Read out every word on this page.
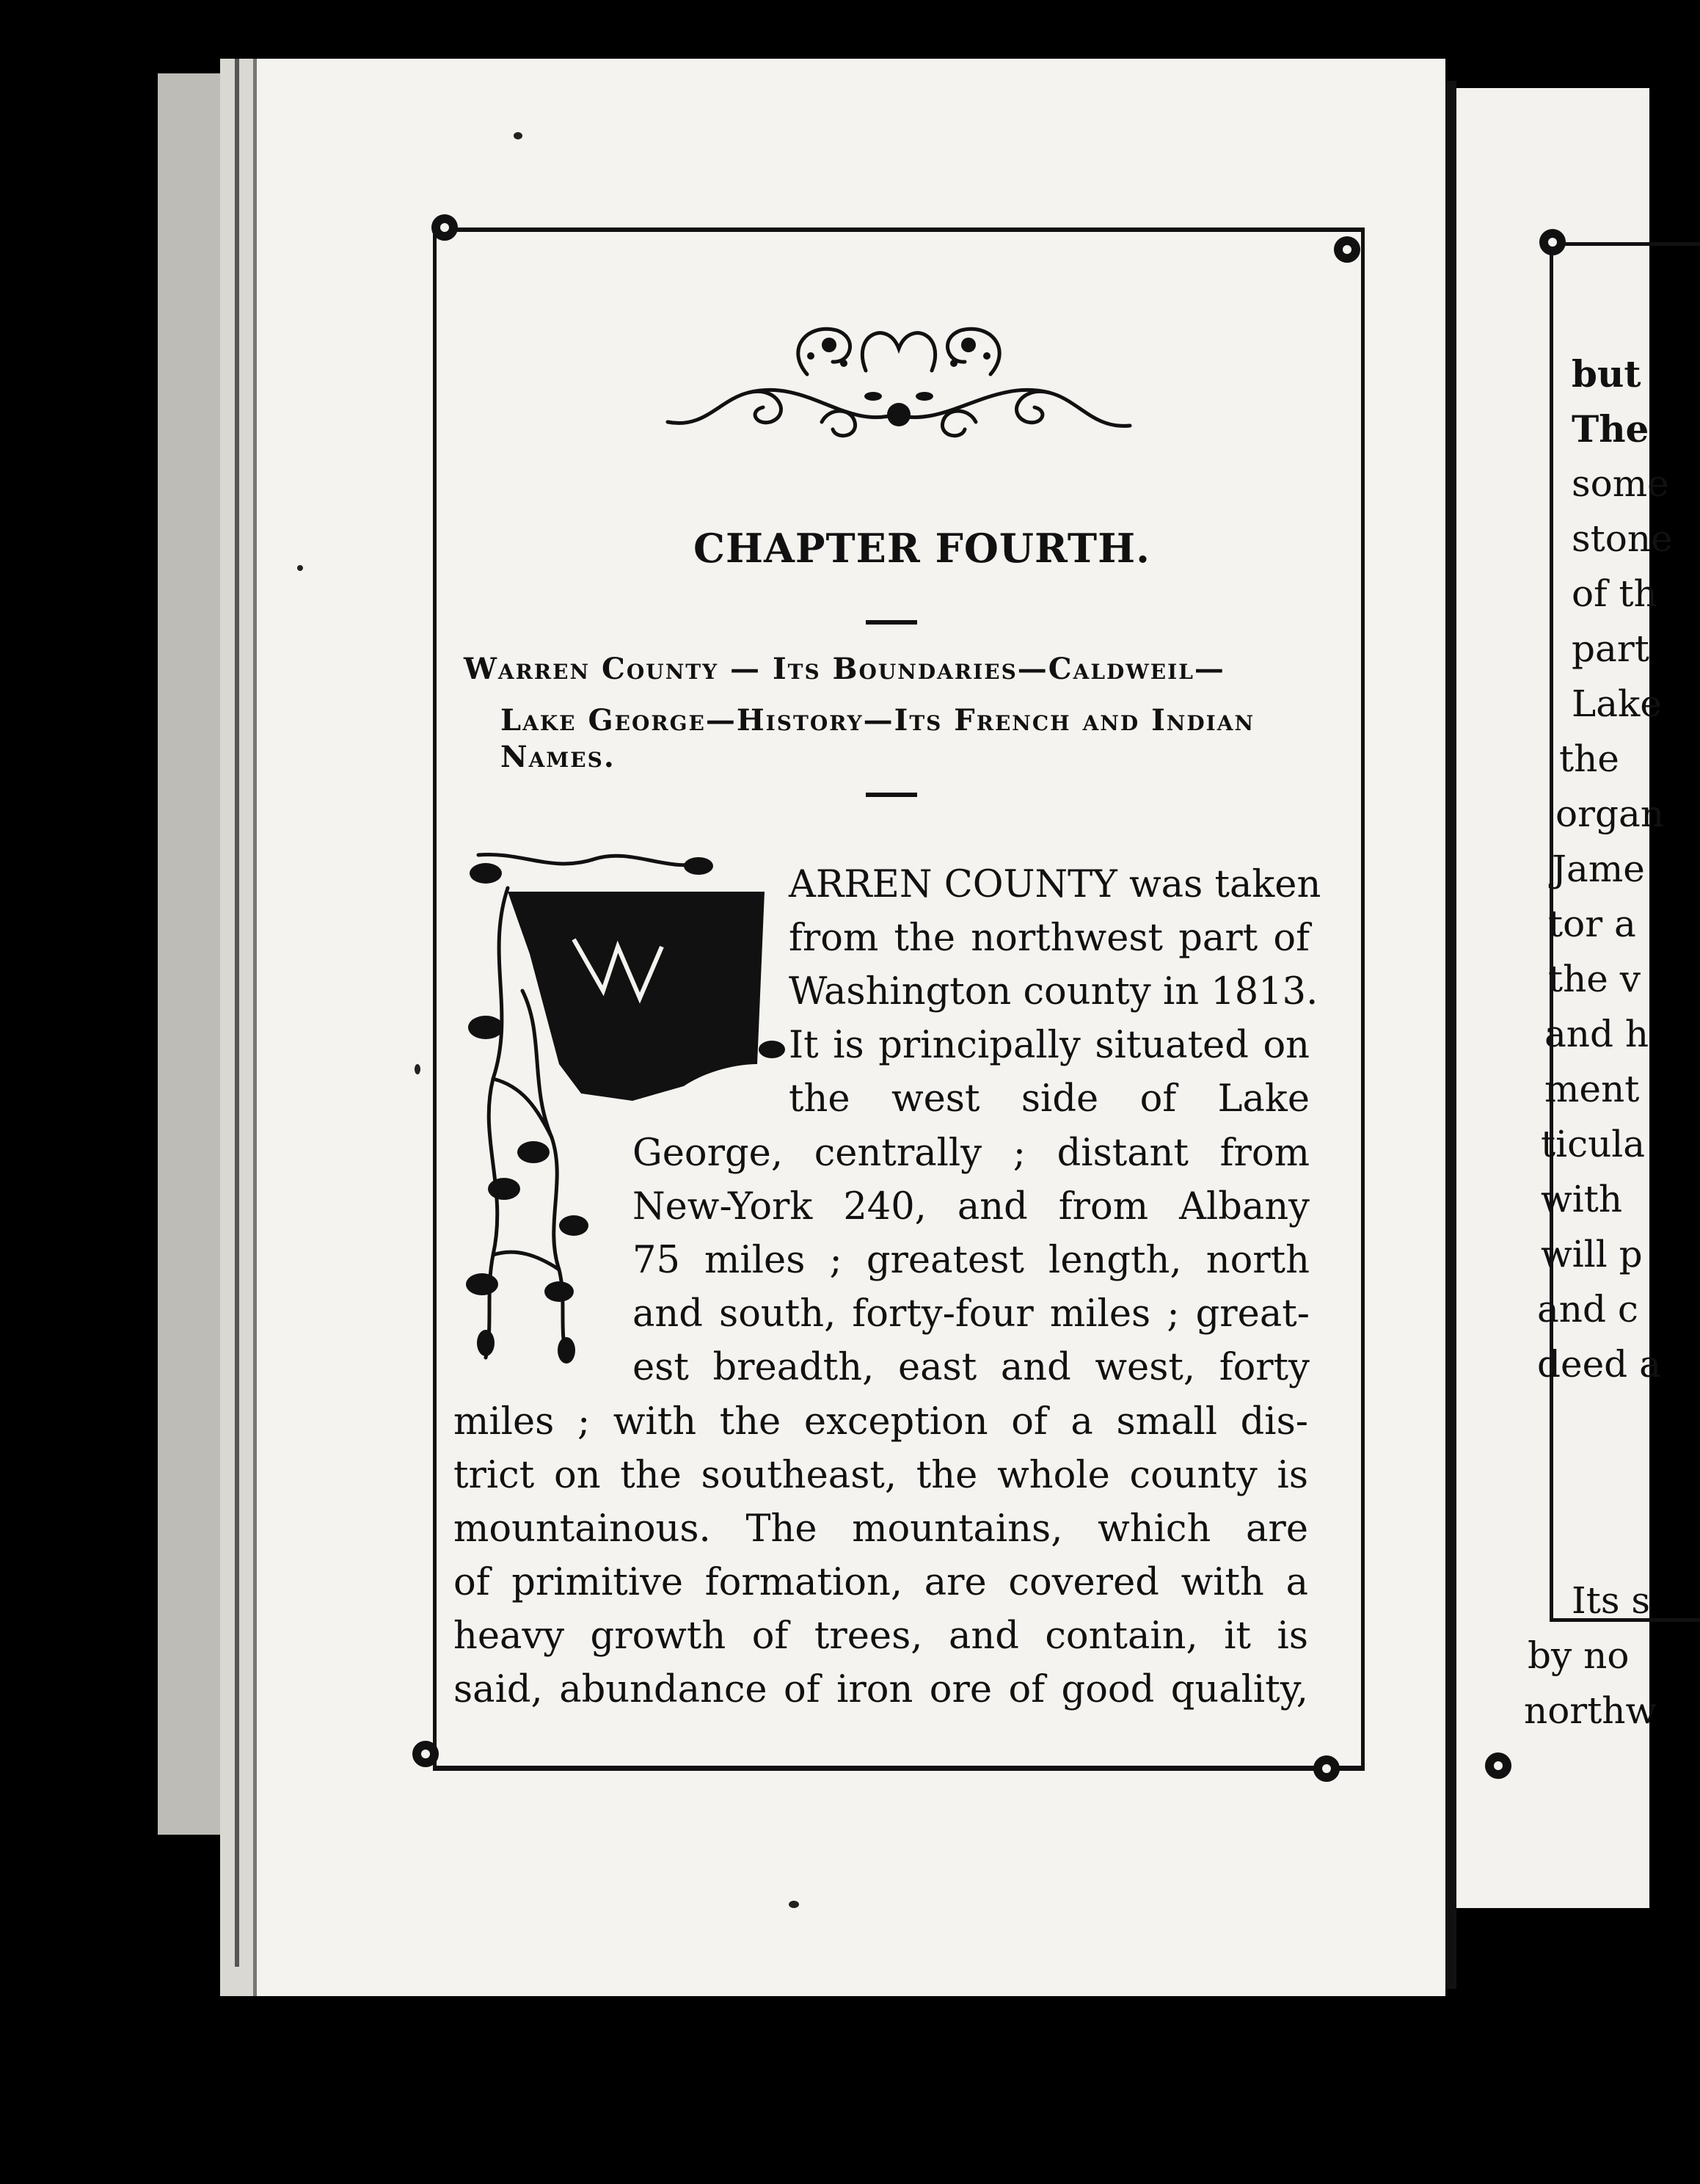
CHAPTER FOURTH.
Warren County — Its Boundaries—Caldweil—
Lake George—History—Its French and Indian
Names.
ARREN COUNTY was taken
from the northwest part of
Washington county in 1813.
It is principally situated on
the west side of Lake
George, centrally ; distant from
New-York 240, and from Albany
75 miles ; greatest length, north
and south, forty-four miles ; great-
est breadth, east and west, forty
miles ; with the exception of a small dis-
trict on the southeast, the whole county is
mountainous. The mountains, which are
of primitive formation, are covered with a
heavy growth of trees, and contain, it is
said, abundance of iron ore of good quality,
but
The
some
stone
of th
part
Lake
the
organ
Jame
tor a
the v
and h
ment
ticula
with
will p
and c
deed a
Its s
by no
northw
